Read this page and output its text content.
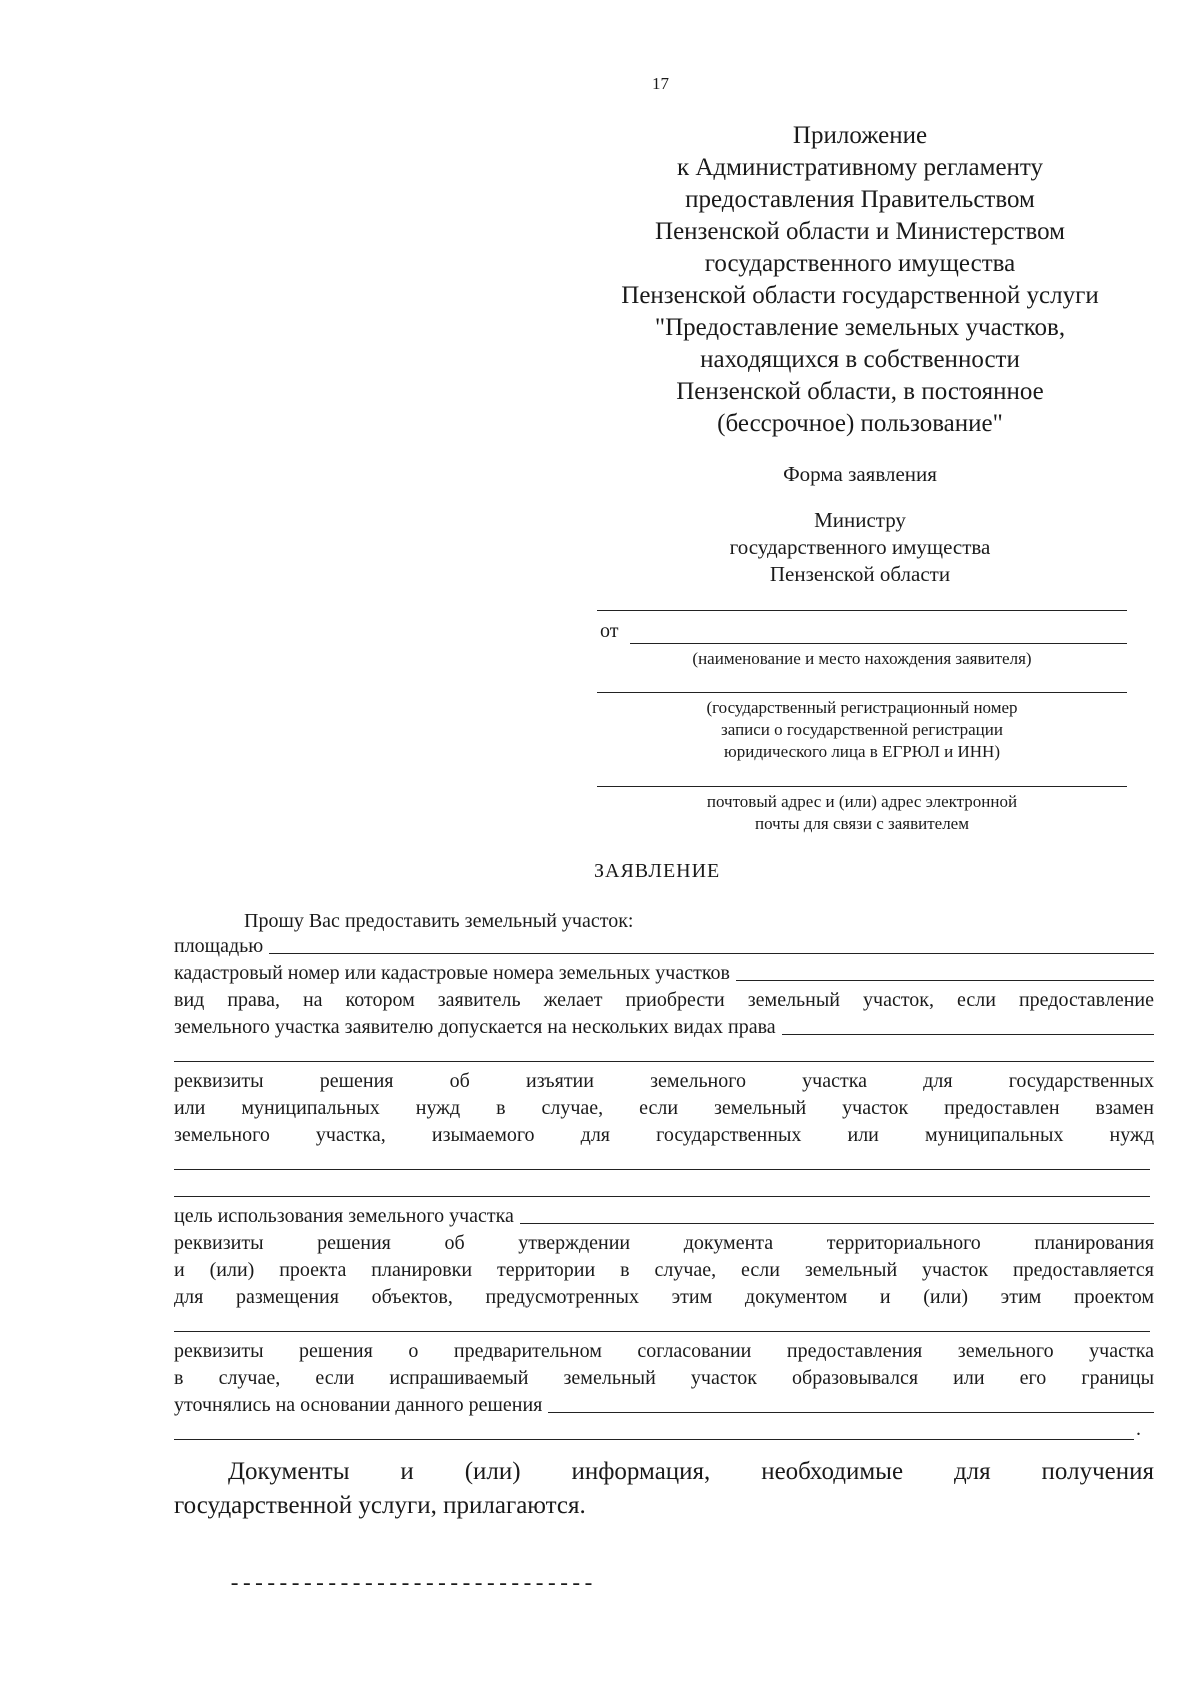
17
Приложение
к Административному регламенту
предоставления Правительством
Пензенской области и Министерством
государственного имущества
Пензенской области государственной услуги
"Предоставление земельных участков,
находящихся в собственности
Пензенской области, в постоянное
(бессрочное) пользование"
Форма заявления
Министру
государственного имущества
Пензенской области
от
(наименование и место нахождения заявителя)
(государственный регистрационный номер
записи о государственной регистрации
юридического лица в ЕГРЮЛ и ИНН)
почтовый адрес и (или) адрес электронной
почты для связи с заявителем
ЗАЯВЛЕНИЕ
Прошу Вас предоставить земельный участок:
площадью
кадастровый номер или кадастровые номера земельных участков
вид права, на котором заявитель желает приобрести земельный участок, если предоставление
земельного участка заявителю допускается на нескольких видах права
реквизиты решения об изъятии земельного участка для государственных
или муниципальных нужд в случае, если земельный участок предоставлен взамен
земельного участка, изымаемого для государственных или муниципальных нужд
цель использования земельного участка
реквизиты решения об утверждении документа территориального планирования
и (или) проекта планировки территории в случае, если земельный участок предоставляется
для размещения объектов, предусмотренных этим документом и (или) этим проектом
реквизиты решения о предварительном согласовании предоставления земельного участка
в случае, если испрашиваемый земельный участок образовывался или его границы
уточнялись на основании данного решения
.
Документы и (или) информация, необходимые для получения
государственной услуги, прилагаются.
------------------------------
